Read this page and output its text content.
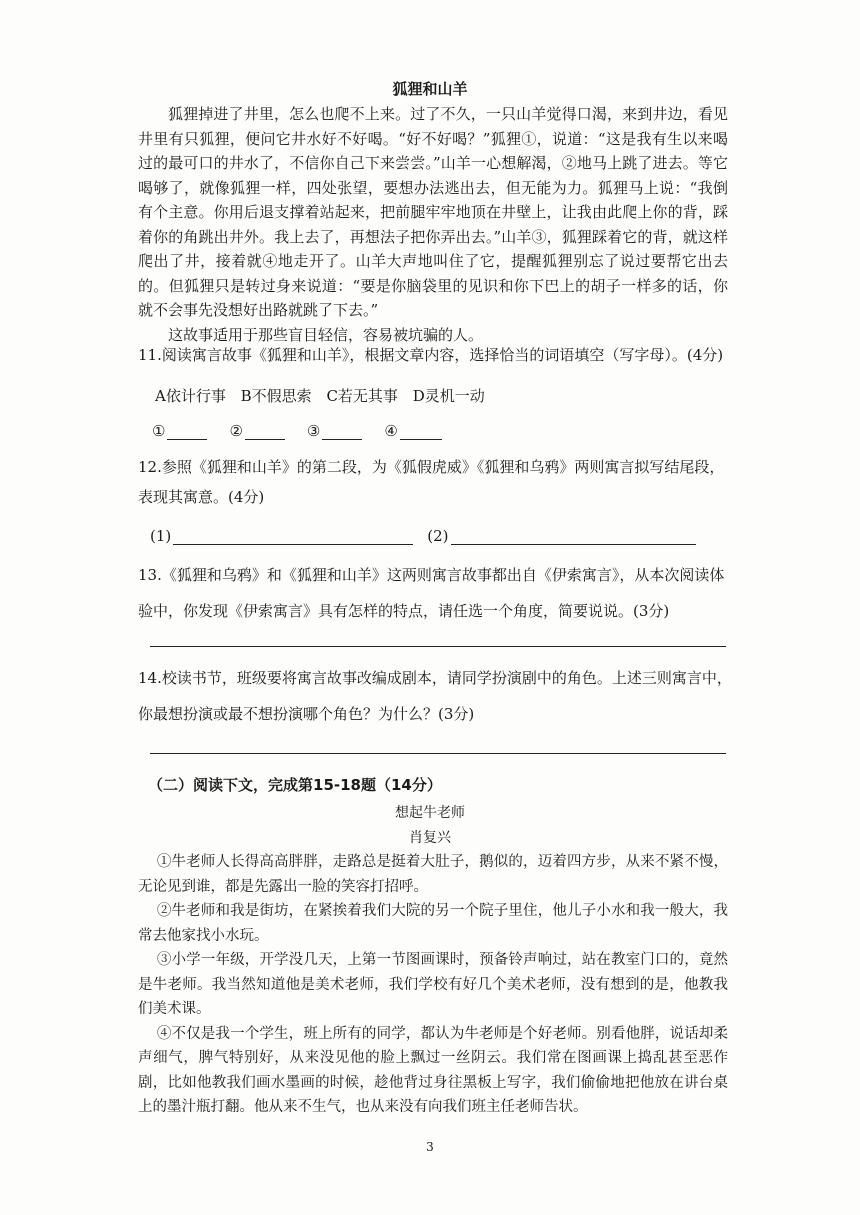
狐狸和山羊

狐狸掉进了井里，怎么也爬不上来。过了不久，一只山羊觉得口渴，来到井边，看见井里有只狐狸，便问它井水好不好喝。“好不好喝？”狐狸①，说道：“这是我有生以来喝过的最可口的井水了，不信你自己下来尝尝。”山羊一心想解渴，②地马上跳了进去。等它喝够了，就像狐狸一样，四处张望，要想办法逃出去，但无能为力。狐狸马上说：“我倒有个主意。你用后退支撑着站起来，把前腿牢牢地顶在井壁上，让我由此爬上你的背，踩着你的角跳出井外。我上去了，再想法子把你弄出去。”山羊③，狐狸踩着它的背，就这样爬出了井，接着就④地走开了。山羊大声地叫住了它，提醒狐狸别忘了说过要帮它出去的。但狐狸只是转过身来说道：“要是你脑袋里的见识和你下巴上的胡子一样多的话，你就不会事先没想好出路就跳了下去。”

这故事适用于那些盲目轻信，容易被坑骗的人。

11.阅读寓言故事《狐狸和山羊》，根据文章内容，选择恰当的词语填空（写字母）。(4分)
A依计行事 B不假思索 C若无其事 D灵机一动
①	②	③	④
12.参照《狐狸和山羊》的第二段，为《狐假虎威》《狐狸和乌鸦》两则寓言拟写结尾段，表现其寓意。(4分)
(1)	(2)
13.《狐狸和乌鸦》和《狐狸和山羊》这两则寓言故事都出自《伊索寓言》，从本次阅读体验中，你发现《伊索寓言》具有怎样的特点，请任选一个角度，简要说说。(3分)
14.校读书节，班级要将寓言故事改编成剧本，请同学扮演剧中的角色。上述三则寓言中，你最想扮演或最不想扮演哪个角色？为什么？(3分)
（二）阅读下文，完成第15-18题（14分）
想起牛老师
肖复兴

①牛老师人长得高高胖胖，走路总是挺着大肚子，鹅似的，迈着四方步，从来不紧不慢，无论见到谁，都是先露出一脸的笑容打招呼。

②牛老师和我是街坊，在紧挨着我们大院的另一个院子里住，他儿子小水和我一般大，我常去他家找小水玩。

③小学一年级，开学没几天，上第一节图画课时，预备铃声响过，站在教室门口的，竟然是牛老师。我当然知道他是美术老师，我们学校有好几个美术老师，没有想到的是，他教我们美术课。

④不仅是我一个学生，班上所有的同学，都认为牛老师是个好老师。别看他胖，说话却柔声细气，脾气特别好，从来没见他的脸上飘过一丝阴云。我们常在图画课上捣乱甚至恶作剧，比如他教我们画水墨画的时候，趁他背过身往黑板上写字，我们偷偷地把他放在讲台桌上的墨汁瓶打翻。他从来不生气，也从来没有向我们班主任老师告状。

3
